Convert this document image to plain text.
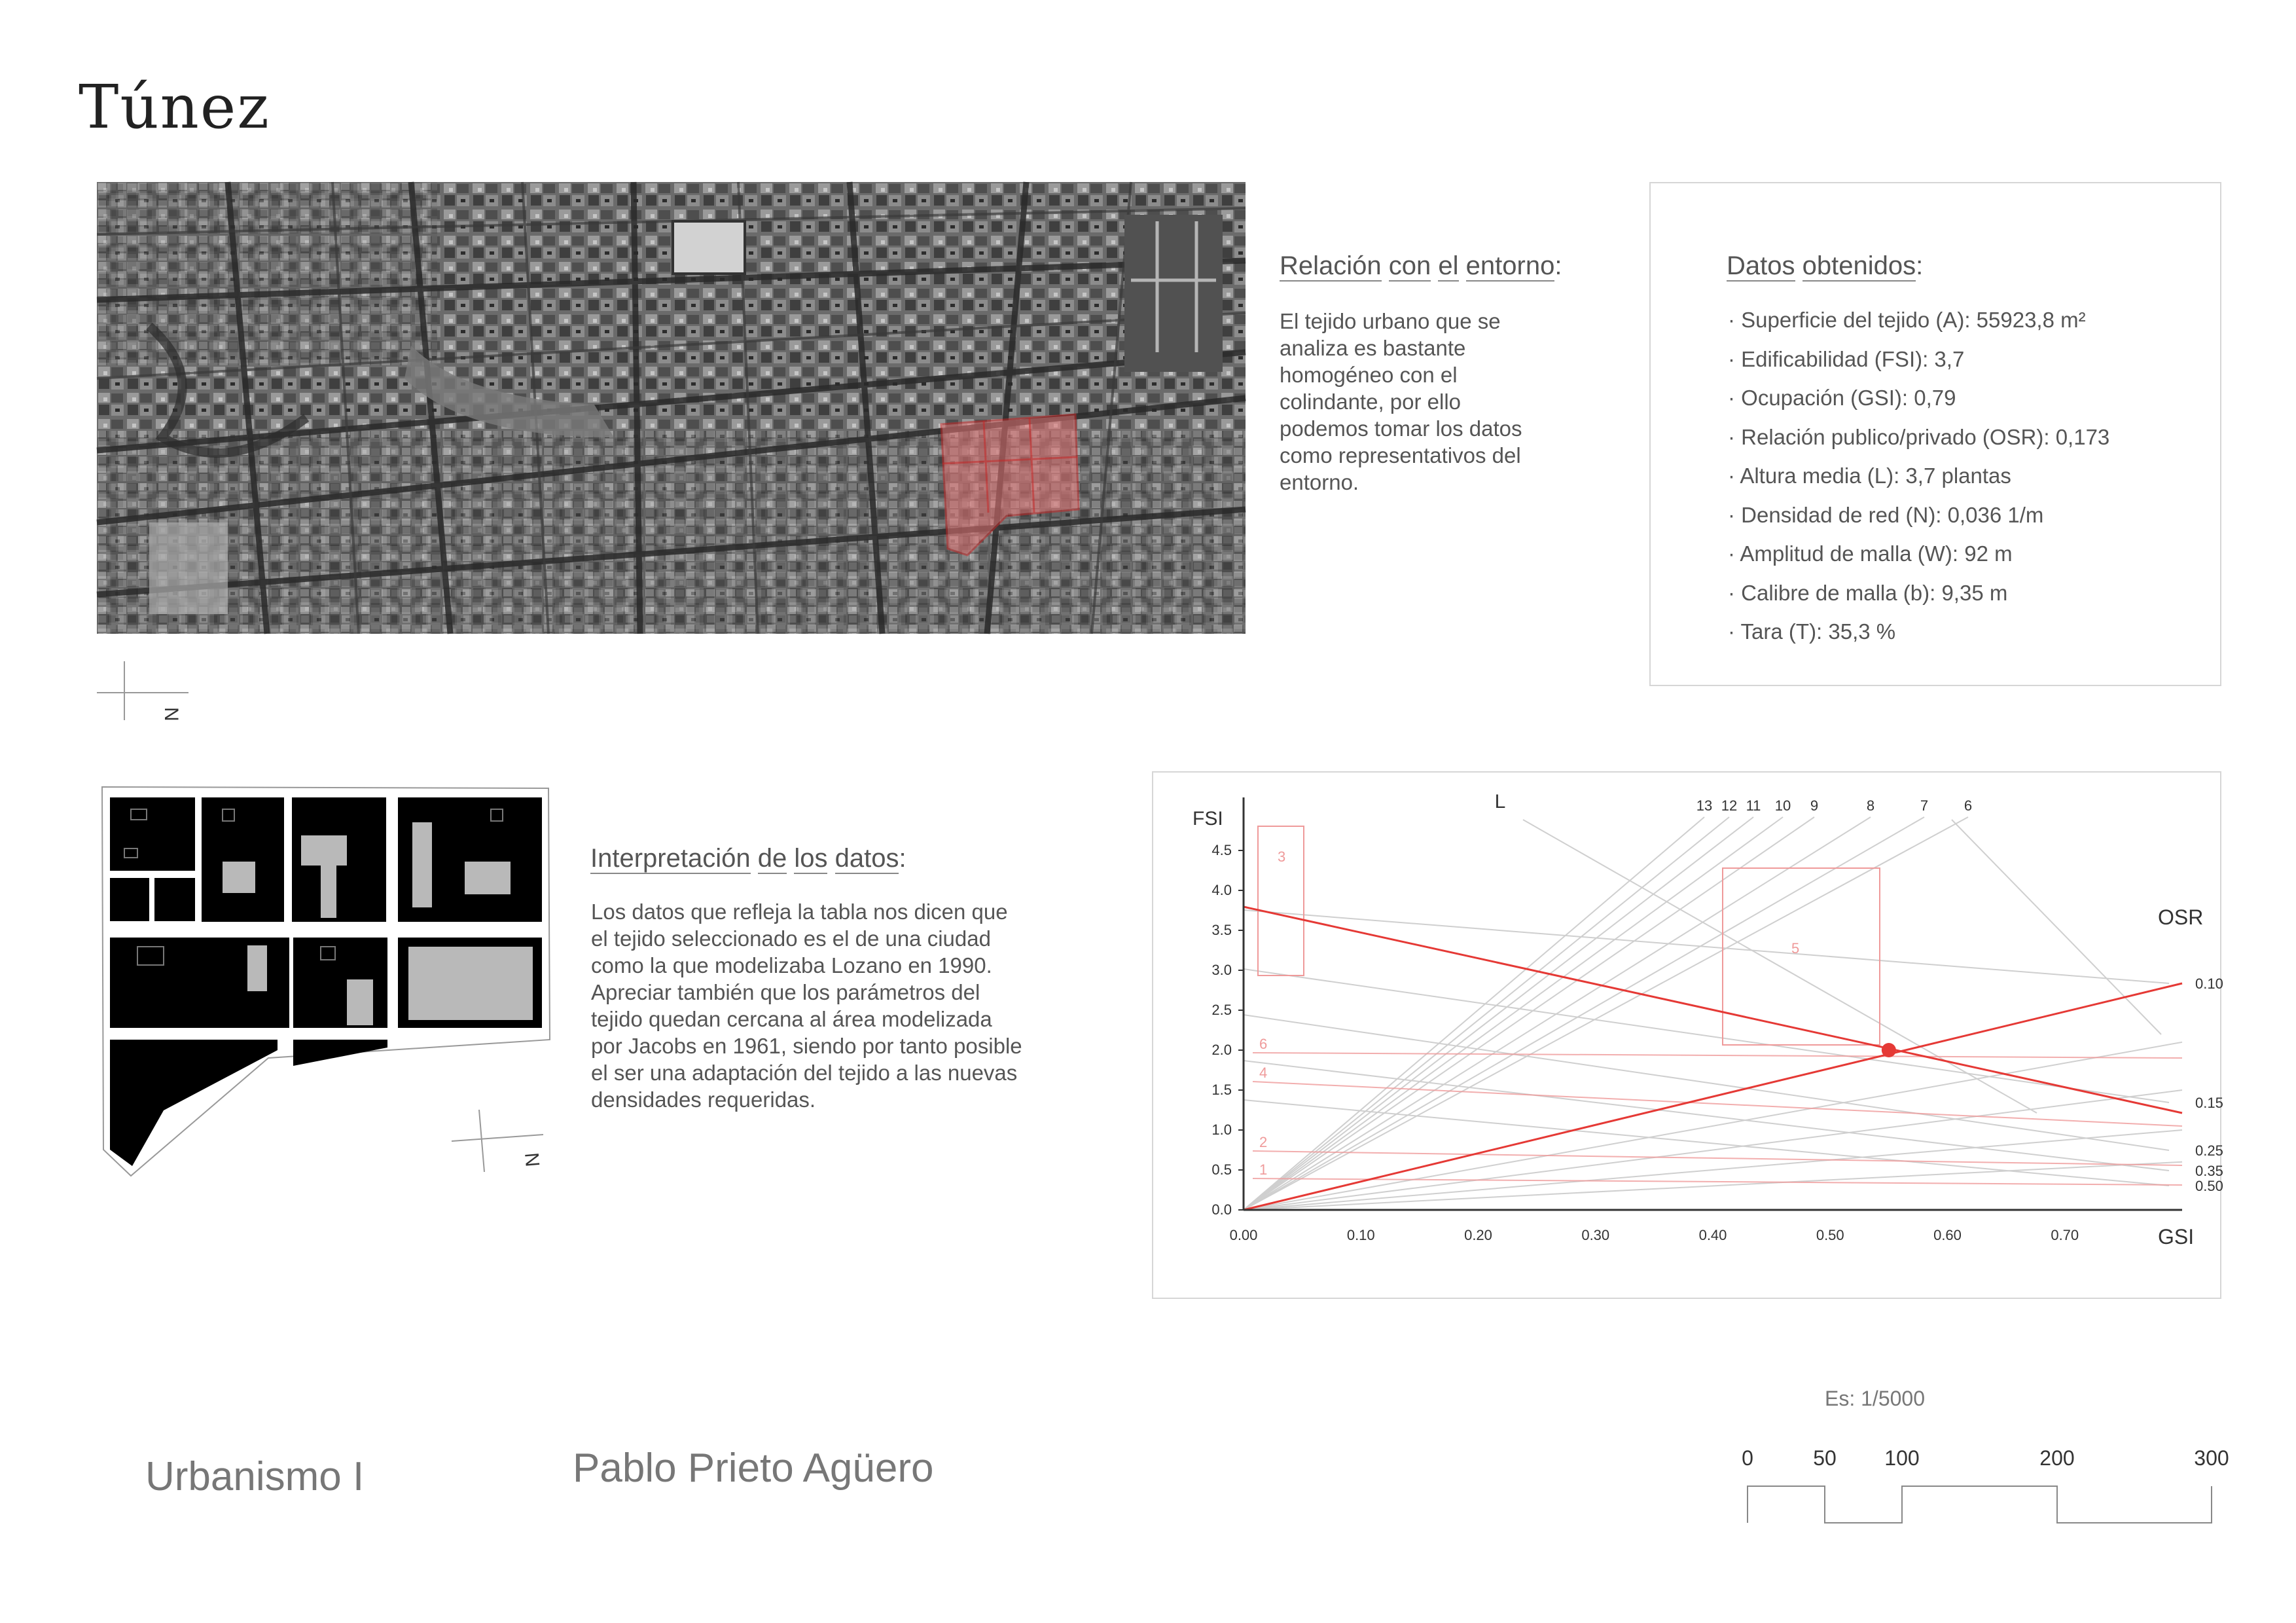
Túnez
N
Relación con el entorno:
El tejido urbano que se
analiza es bastante
homogéneo con el
colindante, por ello
podemos tomar los datos
como representativos del
entorno.
Datos obtenidos:
· Superficie del tejido (A): 55923,8 m²
· Edificabilidad (FSI): 3,7
· Ocupación (GSI): 0,79
· Relación publico/privado (OSR): 0,173
· Altura media (L): 3,7 plantas
· Densidad de red (N): 0,036 1/m
· Amplitud de malla (W): 92 m
· Calibre de malla (b): 9,35 m
· Tara (T): 35,3 %
N
Interpretación de los datos:
Los datos que refleja la tabla nos dicen que
el tejido seleccionado es el de una ciudad
como la que modelizaba Lozano en 1990.
Apreciar también que los parámetros del
tejido quedan cercana al área modelizada
por Jacobs en 1961, siendo por tanto posible
el ser una adaptación del tejido a las nuevas
densidades requeridas.
13 12 11 10 9	8	7 6
L
0.10
0.15
0.25
0.35
0.50
OSR
3
5
1
2
4
6
0.0
0.5
1.0
1.5
2.0
2.5
3.0
3.5
4.0
4.5
0.00	0.10	0.20	0.30	0.40	0.50	0.60	0.70
FSI
GSI
Es: 1/5000
0	50 100	200	300
Urbanismo I	Pablo Prieto Agüero
